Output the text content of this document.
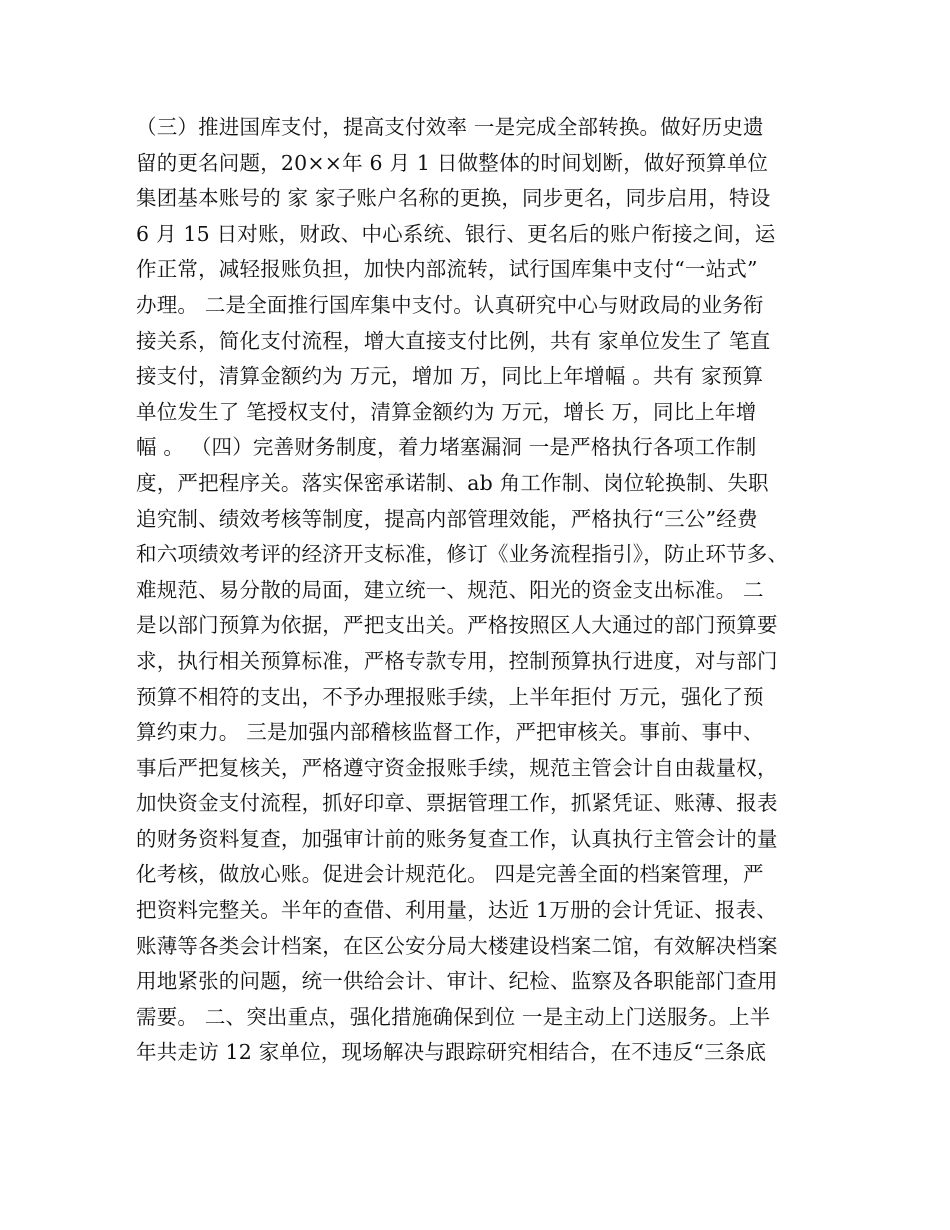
（三）推进国库支付，提高支付效率 一是完成全部转换。做好历史遗
留的更名问题，20××年 6 月 1 日做整体的时间划断，做好预算单位
集团基本账号的 家 家子账户名称的更换，同步更名，同步启用，特设
6 月 15 日对账，财政、中心系统、银行、更名后的账户衔接之间，运
作正常，减轻报账负担，加快内部流转，试行国库集中支付“一站式”
办理。 二是全面推行国库集中支付。认真研究中心与财政局的业务衔
接关系，简化支付流程，增大直接支付比例，共有 家单位发生了 笔直
接支付，清算金额约为 万元，增加 万，同比上年增幅 。共有 家预算
单位发生了 笔授权支付，清算金额约为 万元，增长 万，同比上年增
幅 。 （四）完善财务制度，着力堵塞漏洞 一是严格执行各项工作制
度，严把程序关。落实保密承诺制、ab 角工作制、岗位轮换制、失职
追究制、绩效考核等制度，提高内部管理效能，严格执行“三公”经费
和六项绩效考评的经济开支标准，修订《业务流程指引》，防止环节多、
难规范、易分散的局面，建立统一、规范、阳光的资金支出标准。 二
是以部门预算为依据，严把支出关。严格按照区人大通过的部门预算要
求，执行相关预算标准，严格专款专用，控制预算执行进度，对与部门
预算不相符的支出，不予办理报账手续，上半年拒付 万元，强化了预
算约束力。 三是加强内部稽核监督工作，严把审核关。事前、事中、
事后严把复核关，严格遵守资金报账手续，规范主管会计自由裁量权，
加快资金支付流程，抓好印章、票据管理工作，抓紧凭证、账薄、报表
的财务资料复查，加强审计前的账务复查工作，认真执行主管会计的量
化考核，做放心账。促进会计规范化。 四是完善全面的档案管理，严
把资料完整关。半年的查借、利用量，达近 1万册的会计凭证、报表、
账薄等各类会计档案，在区公安分局大楼建设档案二馆，有效解决档案
用地紧张的问题，统一供给会计、审计、纪检、监察及各职能部门查用
需要。 二、突出重点，强化措施确保到位 一是主动上门送服务。上半
年共走访 12 家单位，现场解决与跟踪研究相结合，在不违反“三条底
